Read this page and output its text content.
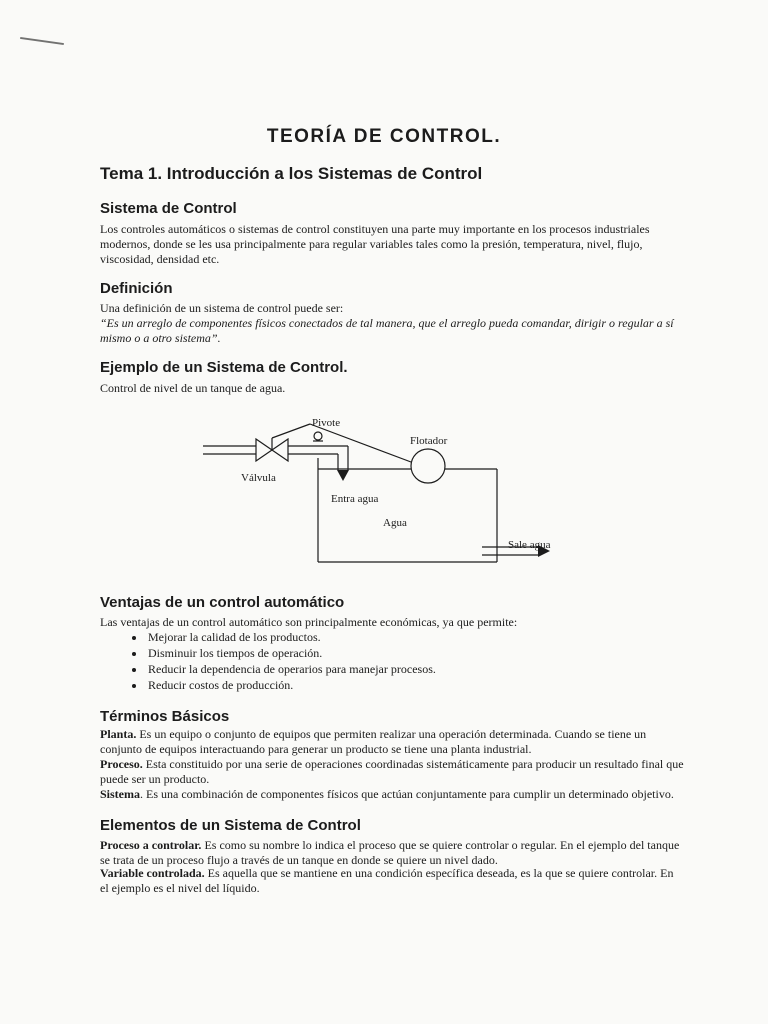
TEORÍA DE CONTROL.
Tema 1. Introducción a los Sistemas de Control
Sistema de Control
Los controles automáticos o sistemas de control constituyen una parte muy importante en los procesos industriales modernos, donde se les usa principalmente para regular variables tales como la presión, temperatura, nivel, flujo, viscosidad, densidad etc.
Definición
Una definición de un sistema de control puede ser:
“Es un arreglo de componentes físicos conectados de tal manera, que el arreglo pueda comandar, dirigir o regular a sí mismo o a otro sistema”.
Ejemplo de un Sistema de Control.
Control de nivel de un tanque de agua.
Pivote
Flotador
Válvula
Entra agua
Agua
Sale agua
Ventajas de un control automático
Las ventajas de un control automático son principalmente económicas, ya que permite:
• Mejorar la calidad de los productos.
• Disminuir los tiempos de operación.
• Reducir la dependencia de operarios para manejar procesos.
• Reducir costos de producción.
Términos Básicos
Planta. Es un equipo o conjunto de equipos que permiten realizar una operación determinada. Cuando se tiene un conjunto de equipos interactuando para generar un producto se tiene una planta industrial.
Proceso. Esta constituido por una serie de operaciones coordinadas sistemáticamente para producir un resultado final que puede ser un producto.
Sistema. Es una combinación de componentes físicos que actúan conjuntamente para cumplir un determinado objetivo.
Elementos de un Sistema de Control
Proceso a controlar. Es como su nombre lo indica el proceso que se quiere controlar o regular. En el ejemplo del tanque se trata de un proceso flujo a través de un tanque en donde se quiere un nivel dado.
Variable controlada. Es aquella que se mantiene en una condición específica deseada, es la que se quiere controlar. En el ejemplo es el nivel del líquido.
